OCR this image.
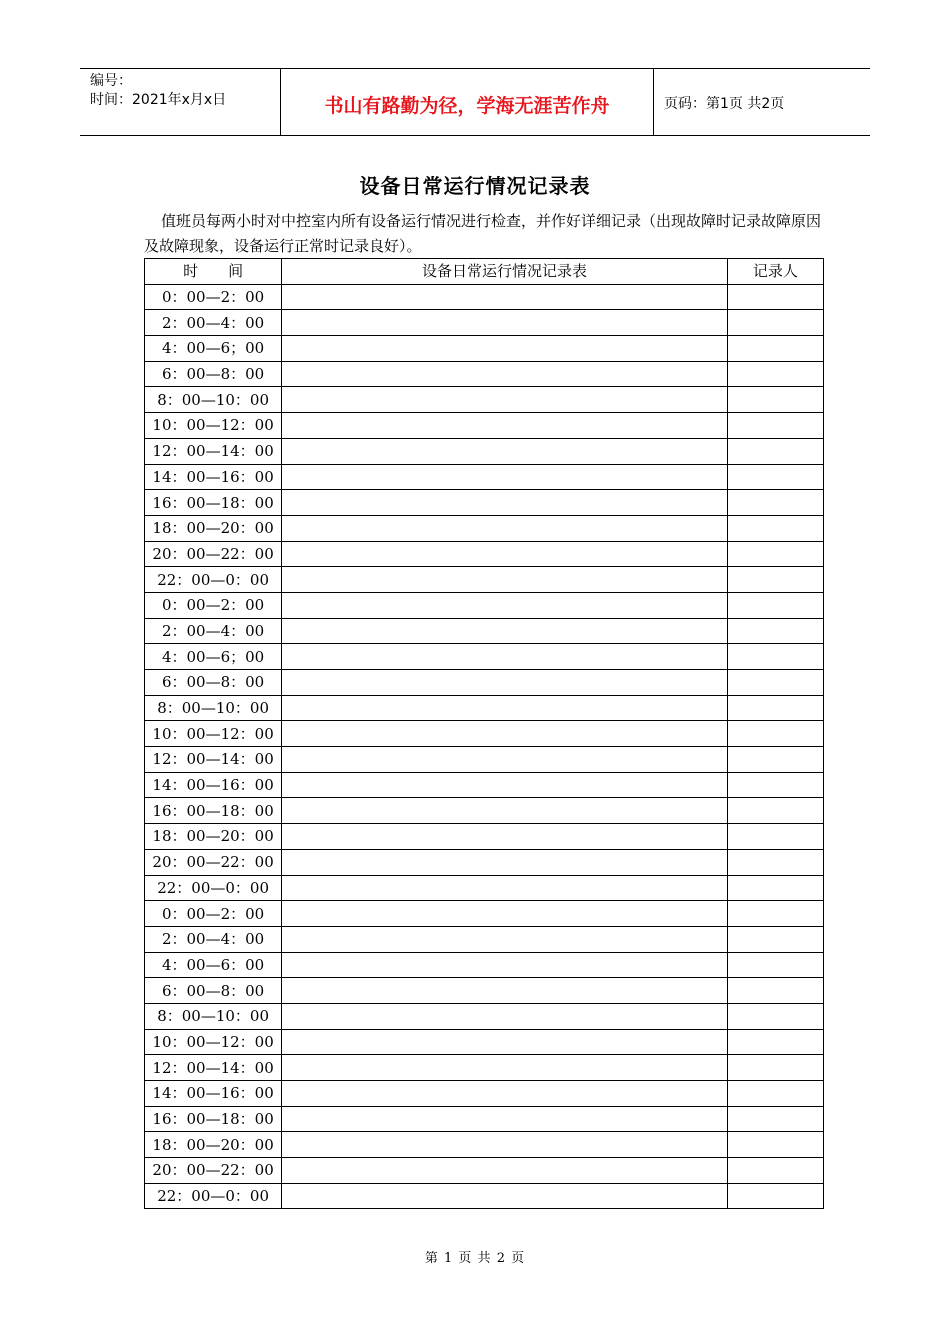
编号：
时间：2021年x月x日	书山有路勤为径，学海无涯苦作舟	页码：第1页 共2页
设备日常运行情况记录表
值班员每两小时对中控室内所有设备运行情况进行检查，并作好详细记录（出现故障时记录故障原因及故障现象，设备运行正常时记录良好）。
时　　间	设备日常运行情况记录表	记录人
0：00—2：00		
2：00—4：00		
4：00—6；00		
6：00—8：00		
8：00—10：00		
10：00—12：00		
12：00—14：00		
14：00—16：00		
16：00—18：00		
18：00—20：00		
20：00—22：00		
22：00—0：00		
0：00—2：00		
2：00—4：00		
4：00—6；00		
6：00—8：00		
8：00—10：00		
10：00—12：00		
12：00—14：00		
14：00—16：00		
16：00—18：00		
18：00—20：00		
20：00—22：00		
22：00—0：00		
0：00—2：00		
2：00—4：00		
4：00—6：00		
6：00—8：00		
8：00—10：00		
10：00—12：00		
12：00—14：00		
14：00—16：00		
16：00—18：00		
18：00—20：00		
20：00—22：00		
22：00—0：00		
第 1 页 共 2 页
